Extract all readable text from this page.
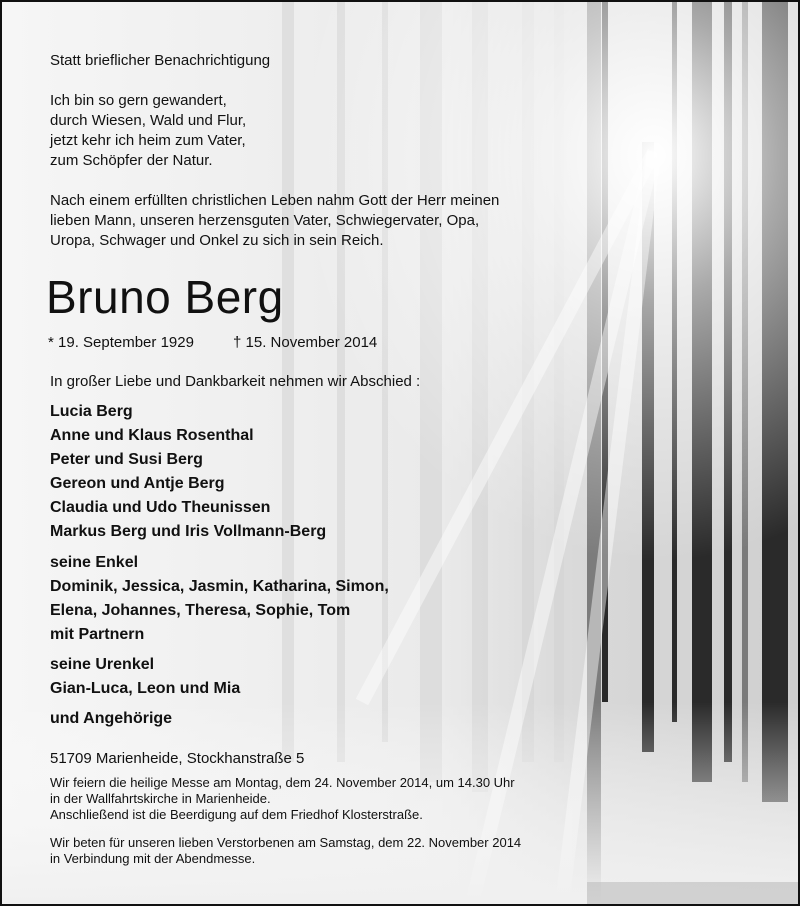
Statt brieflicher Benachrichtigung

Ich bin so gern gewandert,
durch Wiesen, Wald und Flur,
jetzt kehr ich heim zum Vater,
zum Schöpfer der Natur.
Nach einem erfüllten christlichen Leben nahm Gott der Herr meinen
lieben Mann, unseren herzensguten Vater, Schwiegervater, Opa,
Uropa, Schwager und Onkel zu sich in sein Reich.
Bruno Berg
* 19. September 1929	† 15. November 2014

In großer Liebe und Dankbarkeit nehmen wir Abschied :

Lucia Berg
Anne und Klaus Rosenthal
Peter und Susi Berg
Gereon und Antje Berg
Claudia und Udo Theunissen
Markus Berg und Iris Vollmann-Berg
seine Enkel
Dominik, Jessica, Jasmin, Katharina, Simon,
Elena, Johannes, Theresa, Sophie, Tom
mit Partnern
seine Urenkel
Gian-Luca, Leon und Mia

und Angehörige

51709 Marienheide, Stockhanstraße 5

Wir feiern die heilige Messe am Montag, dem 24. November 2014, um 14.30 Uhr
in der Wallfahrtskirche in Marienheide.
Anschließend ist die Beerdigung auf dem Friedhof Klosterstraße.
Wir beten für unseren lieben Verstorbenen am Samstag, dem 22. November 2014
in Verbindung mit der Abendmesse.
